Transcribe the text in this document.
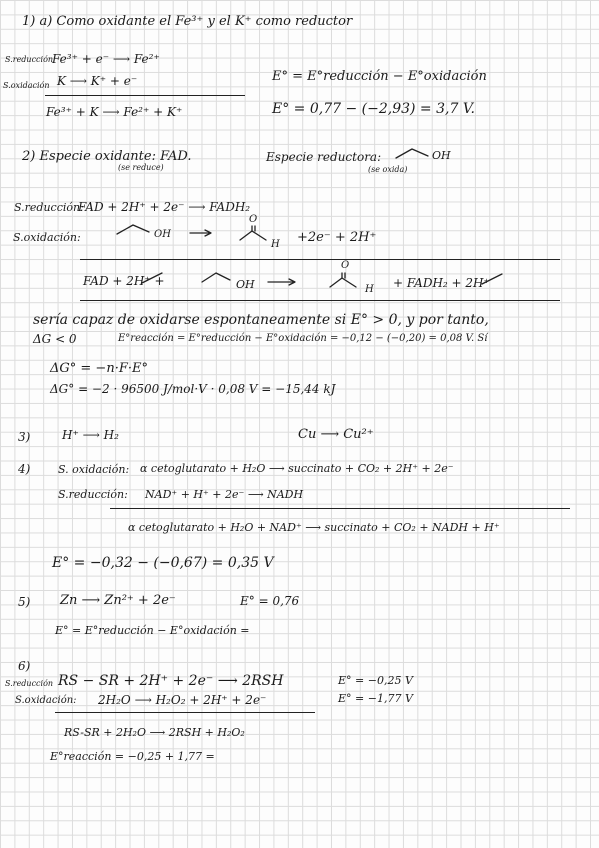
1) a) Como oxidante el Fe³⁺ y el K⁺ como reductor
S.reducción
Fe³⁺ + e⁻ ⟶ Fe²⁺
S.oxidación K ⟶ K⁺ + e⁻
Fe³⁺ + K ⟶ Fe²⁺ + K⁺
E° = E°reducción − E°oxidación
E° = 0,77 − (−2,93) = 3,7 V.
2) Especie oxidante: FAD.
(se reduce)
Especie reductora:	OH
(se oxida)
S.reducción:
FAD + 2H⁺ + 2e⁻ ⟶ FADH₂
S.oxidación:	OH
O
H +2e⁻ + 2H⁺
FAD + 2H⁺ +	OH
O
H + FADH₂ + 2H⁺
sería capaz de oxidarse espontaneamente si E° > 0, y por tanto,
ΔG < 0	E°reacción = E°reducción − E°oxidación = −0,12 − (−0,20) = 0,08 V. Sí
ΔG° = −n·F·E°
ΔG° = −2 · 96500 J/mol·V · 0,08 V = −15,44 kJ
3)	H⁺ ⟶ H₂	Cu ⟶ Cu²⁺
4)	S. oxidación: α cetoglutarato + H₂O ⟶ succinato + CO₂ + 2H⁺ + 2e⁻
S.reducción: NAD⁺ + H⁺ + 2e⁻ ⟶ NADH
α cetoglutarato + H₂O + NAD⁺ ⟶ succinato + CO₂ + NADH + H⁺
E° = −0,32 − (−0,67) = 0,35 V
5) Zn ⟶ Zn²⁺ + 2e⁻	E° = 0,76
E° = E°reducción − E°oxidación =
6)
S.reducción RS − SR + 2H⁺ + 2e⁻ ⟶ 2RSH	E° = −0,25 V
S.oxidación: 2H₂O ⟶ H₂O₂ + 2H⁺ + 2e⁻	E° = −1,77 V
RS-SR + 2H₂O ⟶ 2RSH + H₂O₂
E°reacción = −0,25 + 1,77 =
